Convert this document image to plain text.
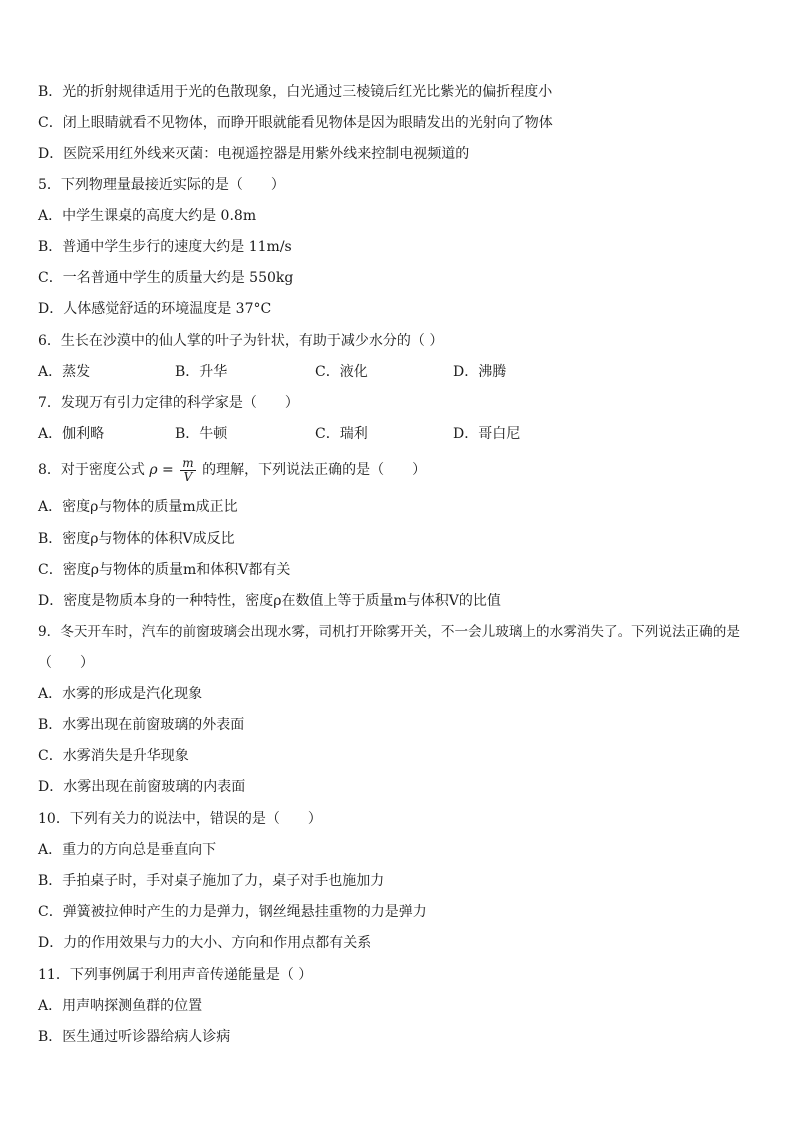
B．光的折射规律适用于光的色散现象，白光通过三棱镜后红光比紫光的偏折程度小
C．闭上眼睛就看不见物体，而睁开眼就能看见物体是因为眼睛发出的光射向了物体
D．医院采用红外线来灭菌：电视遥控器是用紫外线来控制电视频道的
5．下列物理量最接近实际的是（　　）
A．中学生课桌的高度大约是 0.8m
B．普通中学生步行的速度大约是 11m/s
C．一名普通中学生的质量大约是 550kg
D．人体感觉舒适的环境温度是 37°C
6．生长在沙漠中的仙人掌的叶子为针状，有助于减少水分的（ ）
A．蒸发	B．升华	C．液化	D．沸腾
7．发现万有引力定律的科学家是（　　）
A．伽利略	B．牛顿	C．瑞利	D．哥白尼
8．对于密度公式 $\rho = \frac{m}{V}$ 的理解，下列说法正确的是（　　）
A．密度ρ与物体的质量m成正比
B．密度ρ与物体的体积V成反比
C．密度ρ与物体的质量m和体积V都有关
D．密度是物质本身的一种特性，密度ρ在数值上等于质量m与体积V的比值
9．冬天开车时，汽车的前窗玻璃会出现水雾，司机打开除雾开关，不一会儿玻璃上的水雾消失了。下列说法正确的是
（　　）
A．水雾的形成是汽化现象
B．水雾出现在前窗玻璃的外表面
C．水雾消失是升华现象
D．水雾出现在前窗玻璃的内表面
10．下列有关力的说法中，错误的是（　　）
A．重力的方向总是垂直向下
B．手拍桌子时，手对桌子施加了力，桌子对手也施加力
C．弹簧被拉伸时产生的力是弹力，钢丝绳悬挂重物的力是弹力
D．力的作用效果与力的大小、方向和作用点都有关系
11．下列事例属于利用声音传递能量是（ ）
A．用声呐探测鱼群的位置
B．医生通过听诊器给病人诊病
